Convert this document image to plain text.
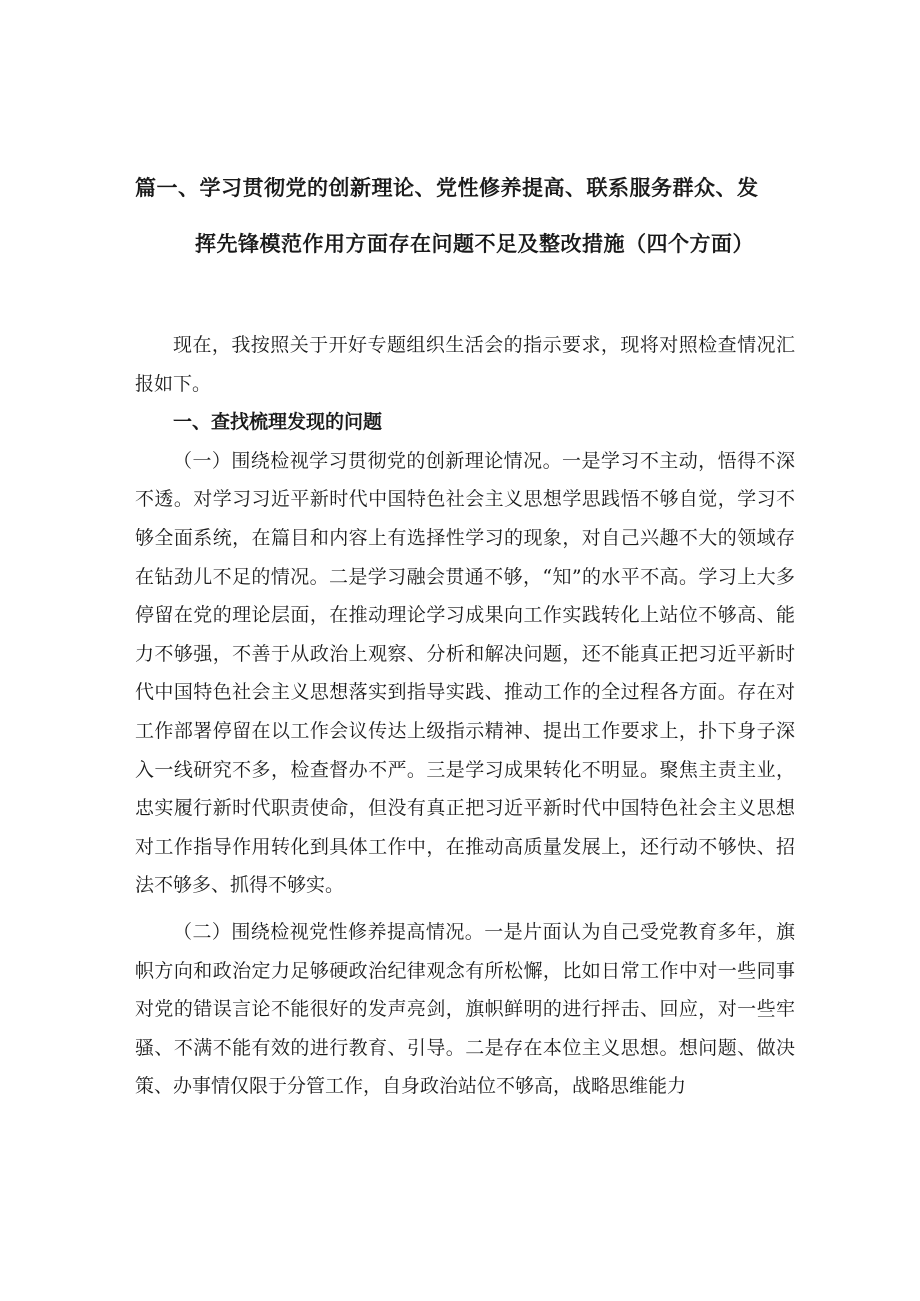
篇一、学习贯彻党的创新理论、党性修养提高、联系服务群众、发
挥先锋模范作用方面存在问题不足及整改措施（四个方面）

现在，我按照关于开好专题组织生活会的指示要求，现将对照检查情况汇报如下。

一、查找梳理发现的问题

（一）围绕检视学习贯彻党的创新理论情况。一是学习不主动，悟得不深不透。对学习习近平新时代中国特色社会主义思想学思践悟不够自觉，学习不够全面系统，在篇目和内容上有选择性学习的现象，对自己兴趣不大的领域存在钻劲儿不足的情况。二是学习融会贯通不够，“知”的水平不高。学习上大多停留在党的理论层面，在推动理论学习成果向工作实践转化上站位不够高、能力不够强，不善于从政治上观察、分析和解决问题，还不能真正把习近平新时代中国特色社会主义思想落实到指导实践、推动工作的全过程各方面。存在对工作部署停留在以工作会议传达上级指示精神、提出工作要求上，扑下身子深入一线研究不多，检查督办不严。三是学习成果转化不明显。聚焦主责主业，忠实履行新时代职责使命，但没有真正把习近平新时代中国特色社会主义思想对工作指导作用转化到具体工作中，在推动高质量发展上，还行动不够快、招法不够多、抓得不够实。

（二）围绕检视党性修养提高情况。一是片面认为自己受党教育多年，旗帜方向和政治定力足够硬政治纪律观念有所松懈，比如日常工作中对一些同事对党的错误言论不能很好的发声亮剑，旗帜鲜明的进行抨击、回应，对一些牢骚、不满不能有效的进行教育、引导。二是存在本位主义思想。想问题、做决策、办事情仅限于分管工作，自身政治站位不够高，战略思维能力
